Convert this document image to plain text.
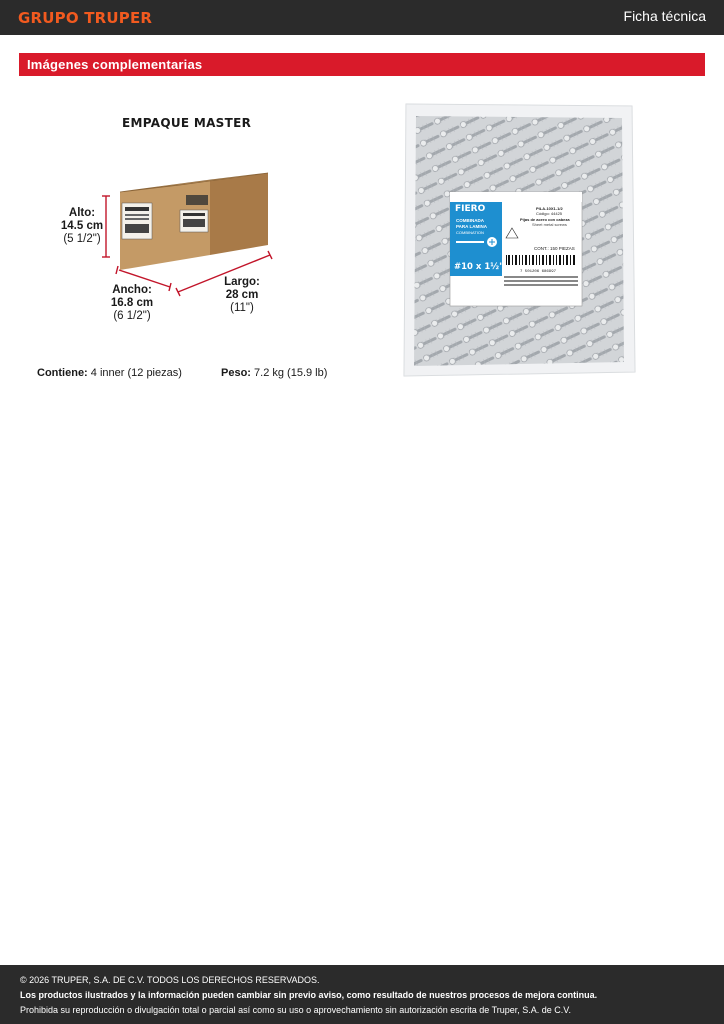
GRUPO TRUPER	Ficha técnica
Imágenes complementarias
EMPAQUE MASTER
Alto:
14.5 cm
(5 1/2")
Ancho:
16.8 cm
(6 1/2")
Largo:
28 cm
(11")
Contiene: 4 inner (12 piezas)	Peso: 7.2 kg (15.9 lb)
FIERO
COMBINADA
PARA LAMINA
COMBINATION
#10 x 1½"
PILA-10X1-1/2
Código: 44425
Pijas de acero con cabeza
Sheet metal screws
CONT.: 150 PIEZAS
7 501206 686997

© 2026 TRUPER, S.A. DE C.V. TODOS LOS DERECHOS RESERVADOS.

Los productos ilustrados y la información pueden cambiar sin previo aviso, como resultado de nuestros procesos de mejora continua.

Prohibida su reproducción o divulgación total o parcial así como su uso o aprovechamiento sin autorización escrita de Truper, S.A. de C.V.
